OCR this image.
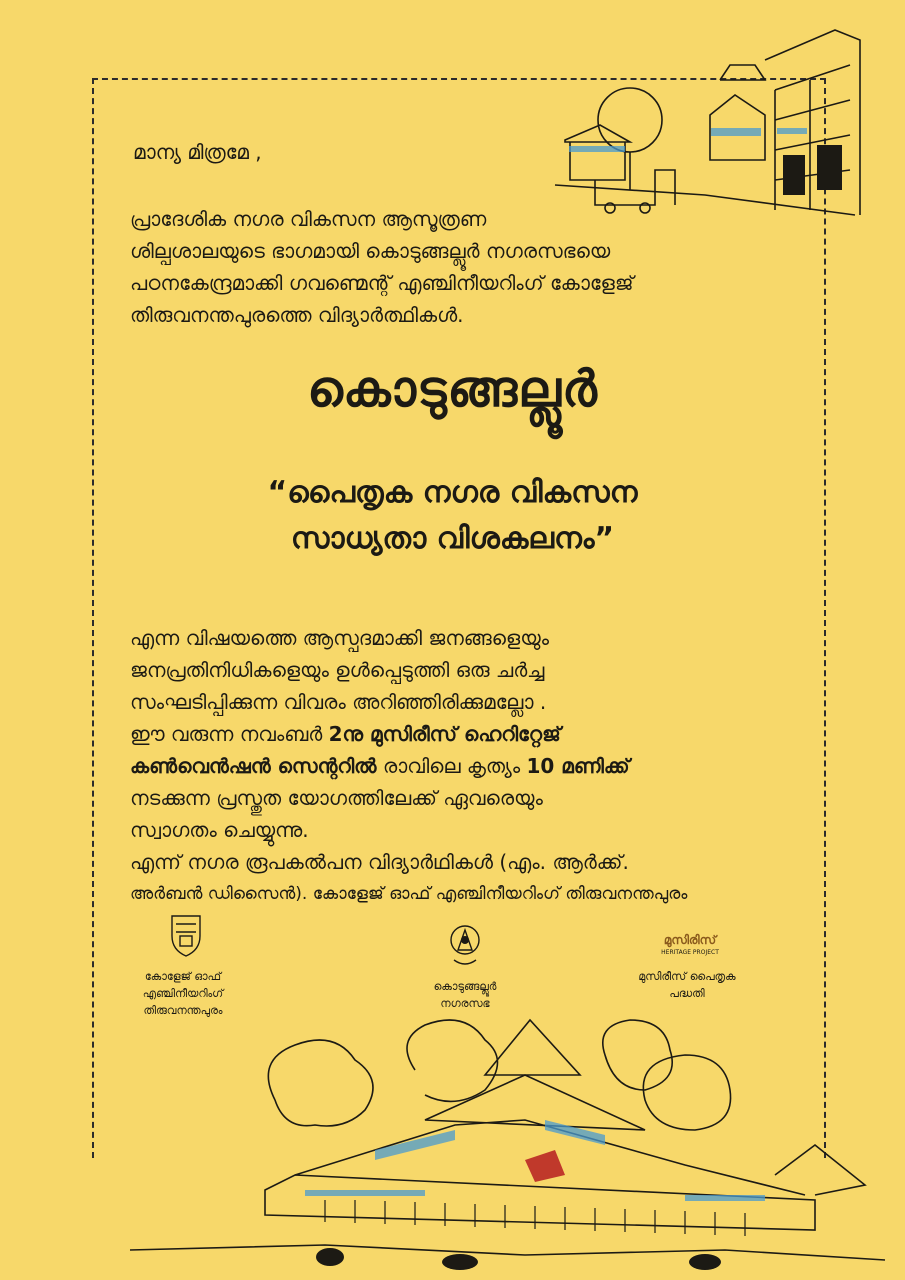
മാന്യ മിത്രമേ ,
പ്രാദേശിക നഗര വികസന ആസൂത്രണ
ശില്പശാലയുടെ ഭാഗമായി കൊടുങ്ങല്ലൂർ നഗരസഭയെ
പഠനകേന്ദ്രമാക്കി ഗവണ്മെന്റ് എഞ്ചിനീയറിംഗ് കോളേജ്
തിരുവനന്തപുരത്തെ വിദ്യാർത്ഥികൾ.
കൊടുങ്ങല്ലൂർ
“പൈതൃക നഗര വികസന
സാധ്യതാ വിശകലനം”
എന്ന വിഷയത്തെ ആസ്പദമാക്കി ജനങ്ങളെയും
ജനപ്രതിനിധികളെയും ഉൾപ്പെടുത്തി ഒരു ചർച്ച
സംഘടിപ്പിക്കുന്ന വിവരം അറിഞ്ഞിരിക്കുമല്ലോ .
ഈ വരുന്ന നവംബർ 2നു മുസിരീസ് ഹെറിറ്റേജ്
കൺവെൻഷൻ സെന്ററിൽ രാവിലെ കൃത്യം 10 മണിക്ക്
നടക്കുന്ന പ്രസ്തുത യോഗത്തിലേക്ക് ഏവരെയും
സ്വാഗതം ചെയ്യുന്നു.
എന്ന് നഗര രൂപകൽപന വിദ്യാർഥികൾ (എം. ആർക്ക്.
അർബൻ ഡിസൈൻ). കോളേജ് ഓഫ് എഞ്ചിനീയറിംഗ് തിരുവനന്തപുരം
കോളേജ് ഓഫ്
എഞ്ചിനീയറിംഗ്
തിരുവനന്തപുരം
കൊടുങ്ങല്ലൂർ
നഗരസഭ
മുസിരിസ്
HERITAGE PROJECT
മുസിരീസ് പൈതൃക
പദ്ധതി
